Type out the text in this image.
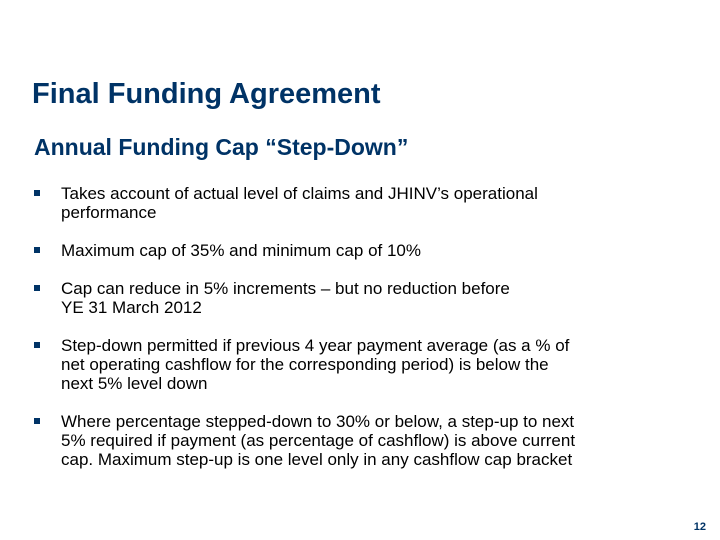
Final Funding Agreement
Annual Funding Cap “Step-Down”
Takes account of actual level of claims and JHINV’s operational
performance
Maximum cap of 35% and minimum cap of 10%
Cap can reduce in 5% increments – but no reduction before
YE 31 March 2012
Step-down permitted if previous 4 year payment average (as a % of
net operating cashflow for the corresponding period) is below the
next 5% level down
Where percentage stepped-down to 30% or below, a step-up to next
5% required if payment (as percentage of cashflow) is above current
cap. Maximum step-up is one level only in any cashflow cap bracket
12
